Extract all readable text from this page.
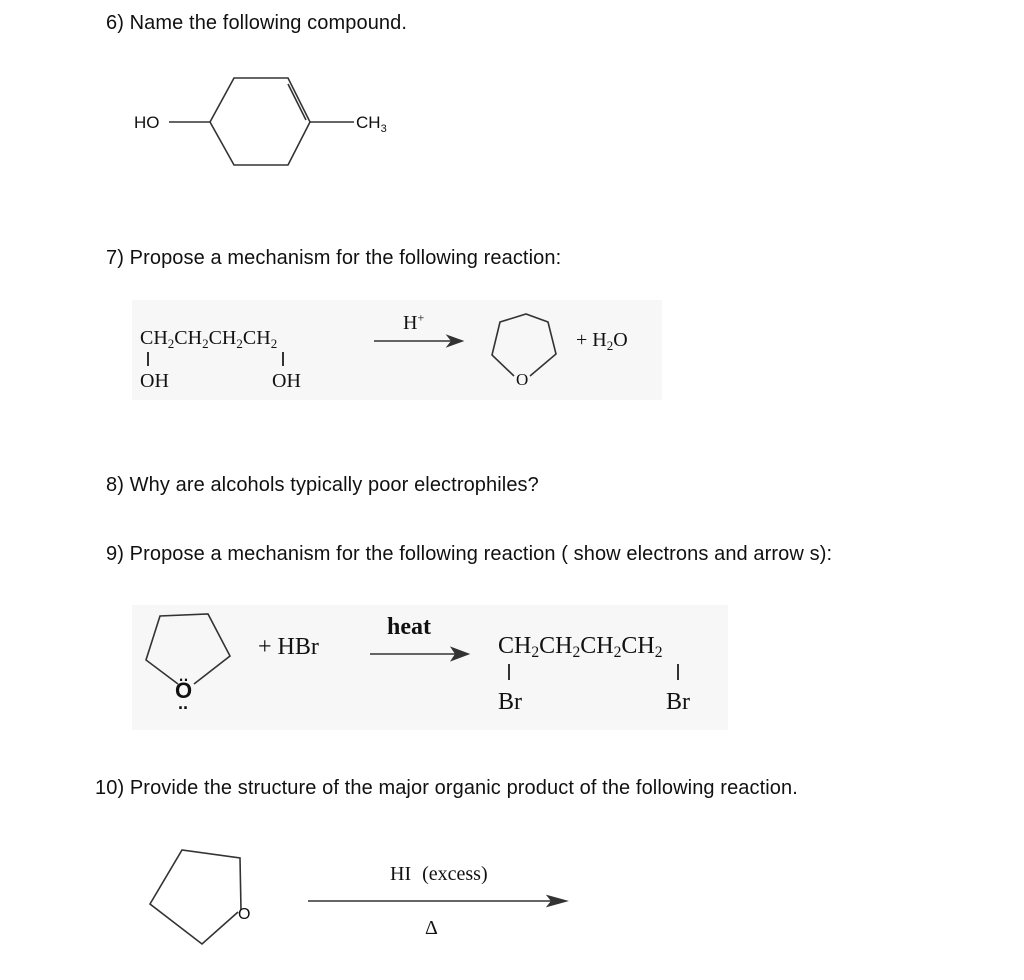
6) Name the following compound.
7) Propose a mechanism for the following reaction:
8) Why are alcohols typically poor electrophiles?
9) Propose a mechanism for the following reaction ( show electrons and arrow s):
10) Provide the structure of the major organic product of the following reaction.
HO	$CH_3$
$CH_2CH_2CH_2CH_2$
OH	OH
H+
O
+ $H_2O$
Ö
··
+ HBr
heat
$CH_2CH_2CH_2CH_2$
Br	Br
O
HI (excess)
Δ
